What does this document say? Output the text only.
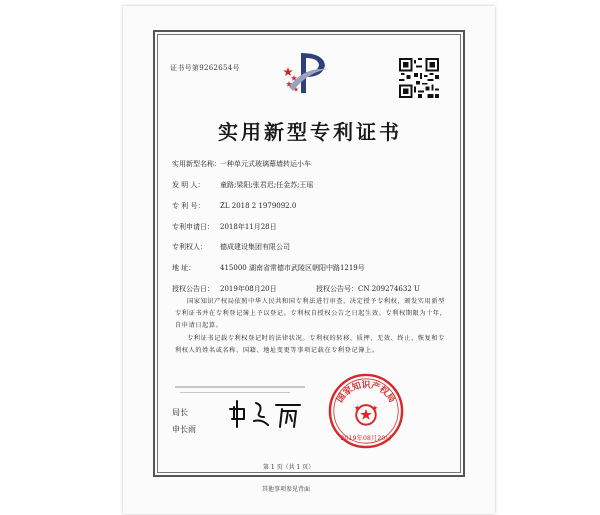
证书号第9262654号
实用新型专利证书
实用新型名称：一种单元式玻璃幕墙转运小车
发 明 人： 童路;梁阳;张君迟;任金苏;王瑶
专 利 号： ZL 2018 2 1979092.0
专利申请日： 2018年11月28日
专利权人： 德成建设集团有限公司
地 址：	415000 湖南省常德市武陵区朝阳中路1219号
授权公告日： 2019年08月20日	授权公告号：CN 209274632 U
国家知识产权局依照中华人民共和国专利法进行审查，决定授予专利权，颁发实用新型专利证书并在专利登记簿上予以登记。专利权自授权公告之日起生效。专利权期限为十年，自申请日起算。
专利证书记载专利权登记时的法律状况。专利权的转移、质押、无效、终止、恢复和专利权人的姓名或名称、国籍、地址变更等事项记载在专利登记簿上。
局长
申长雨
国家知识产权局
2019年08月20日
第 1 页（共 1 页）
其他事项参见背面
